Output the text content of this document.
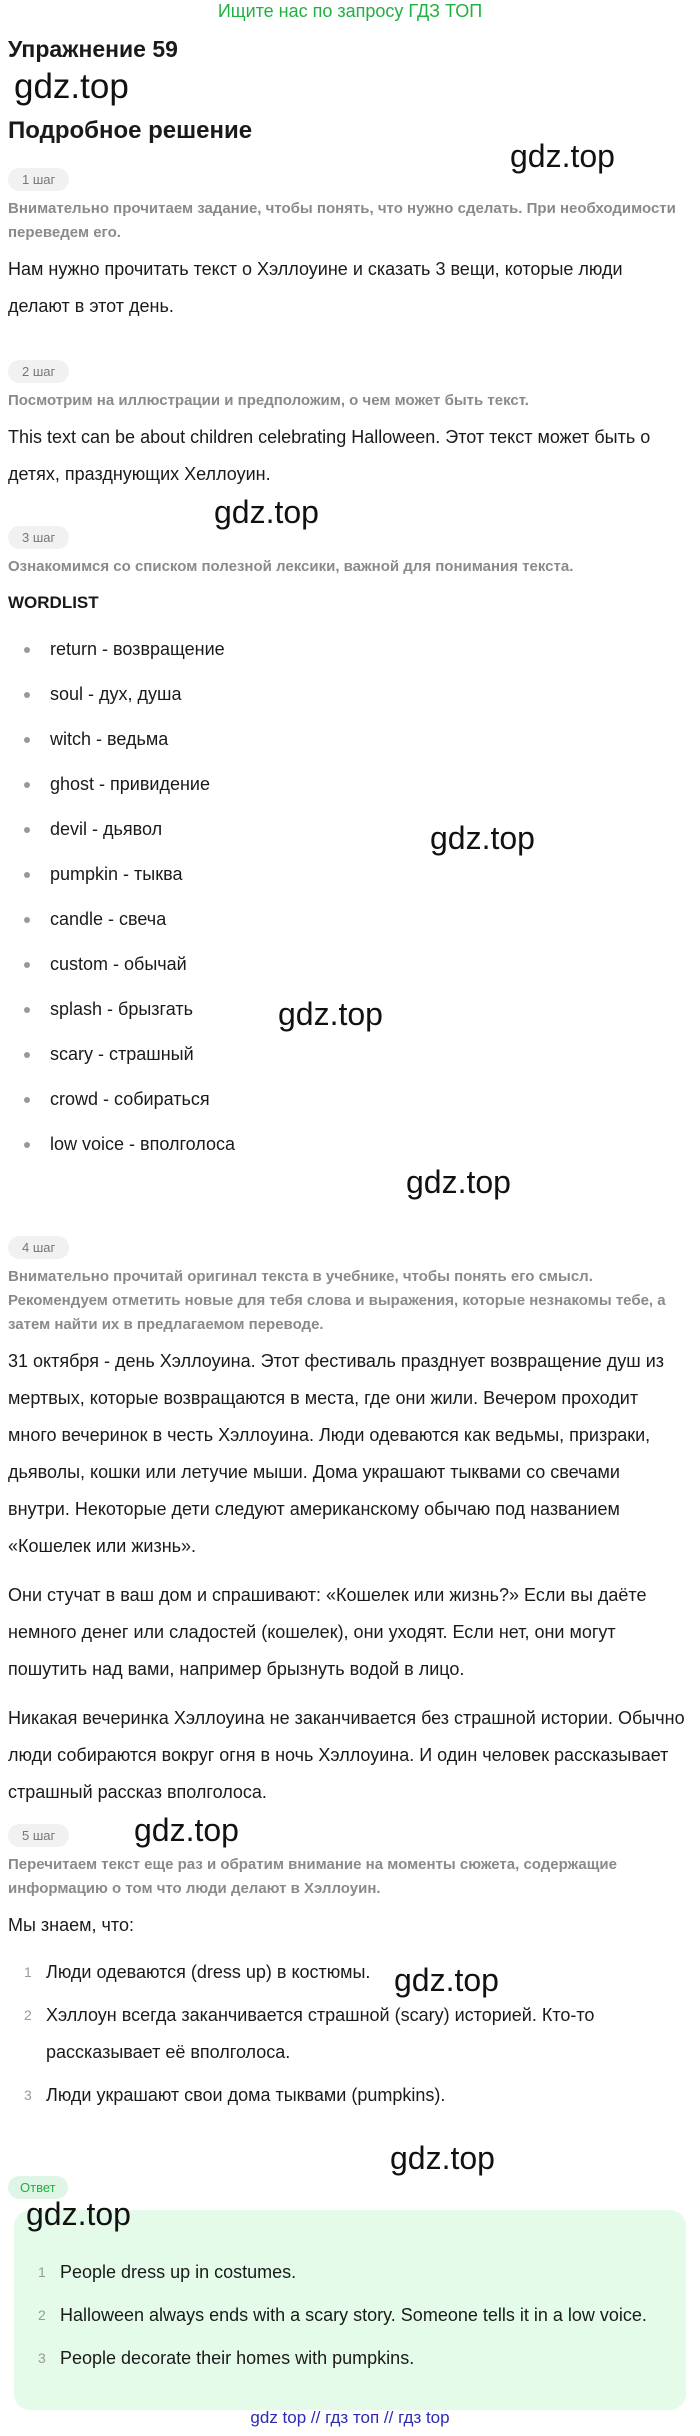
Ищите нас по запросу ГДЗ ТОП
Упражнение 59
gdz.top
Подробное решение
1 шаг
Внимательно прочитаем задание, чтобы понять, что нужно сделать. При необходимости переведем его.
Нам нужно прочитать текст о Хэллоуине и сказать 3 вещи, которые люди делают в этот день.
2 шаг
Посмотрим на иллюстрации и предположим, о чем может быть текст.
This text can be about children celebrating Halloween. Этот текст может быть о детях, празднующих Хеллоуин.
3 шаг
Ознакомимся со списком полезной лексики, важной для понимания текста.
WORDLIST
return - возвращение
soul - дух, душа
witch - ведьма
ghost - привидение
devil - дьявол
pumpkin - тыква
candle - свеча
custom - обычай
splash - брызгать
scary - страшный
crowd - собираться
low voice - вполголоса
4 шаг
Внимательно прочитай оригинал текста в учебнике, чтобы понять его смысл. Рекомендуем отметить новые для тебя слова и выражения, которые незнакомы тебе, а затем найти их в предлагаемом переводе.
31 октября - день Хэллоуина. Этот фестиваль празднует возвращение душ из мертвых, которые возвращаются в места, где они жили. Вечером проходит много вечеринок в честь Хэллоуина. Люди одеваются как ведьмы, призраки, дьяволы, кошки или летучие мыши. Дома украшают тыквами со свечами внутри. Некоторые дети следуют американскому обычаю под названием «Кошелек или жизнь».
Они стучат в ваш дом и спрашивают: «Кошелек или жизнь?» Если вы даёте немного денег или сладостей (кошелек), они уходят. Если нет, они могут пошутить над вами, например брызнуть водой в лицо.
Никакая вечеринка Хэллоуина не заканчивается без страшной истории. Обычно люди собираются вокруг огня в ночь Хэллоуина. И один человек рассказывает страшный рассказ вполголоса.
5 шаг
Перечитаем текст еще раз и обратим внимание на моменты сюжета, содержащие информацию о том что люди делают в Хэллоуин.
Мы знаем, что:
1 Люди одеваются (dress up) в костюмы.
2 Хэллоун всегда заканчивается страшной (scary) историей. Кто-то рассказывает её вполголоса.
3 Люди украшают свои дома тыквами (pumpkins).
Ответ
1 People dress up in costumes.
2 Halloween always ends with a scary story. Someone tells it in a low voice.
3 People decorate their homes with pumpkins.
gdz top // гдз топ // гдз top
gdz.top
gdz.top
gdz.top
gdz.top
gdz.top
gdz.top
gdz.top
gdz.top
gdz.top
